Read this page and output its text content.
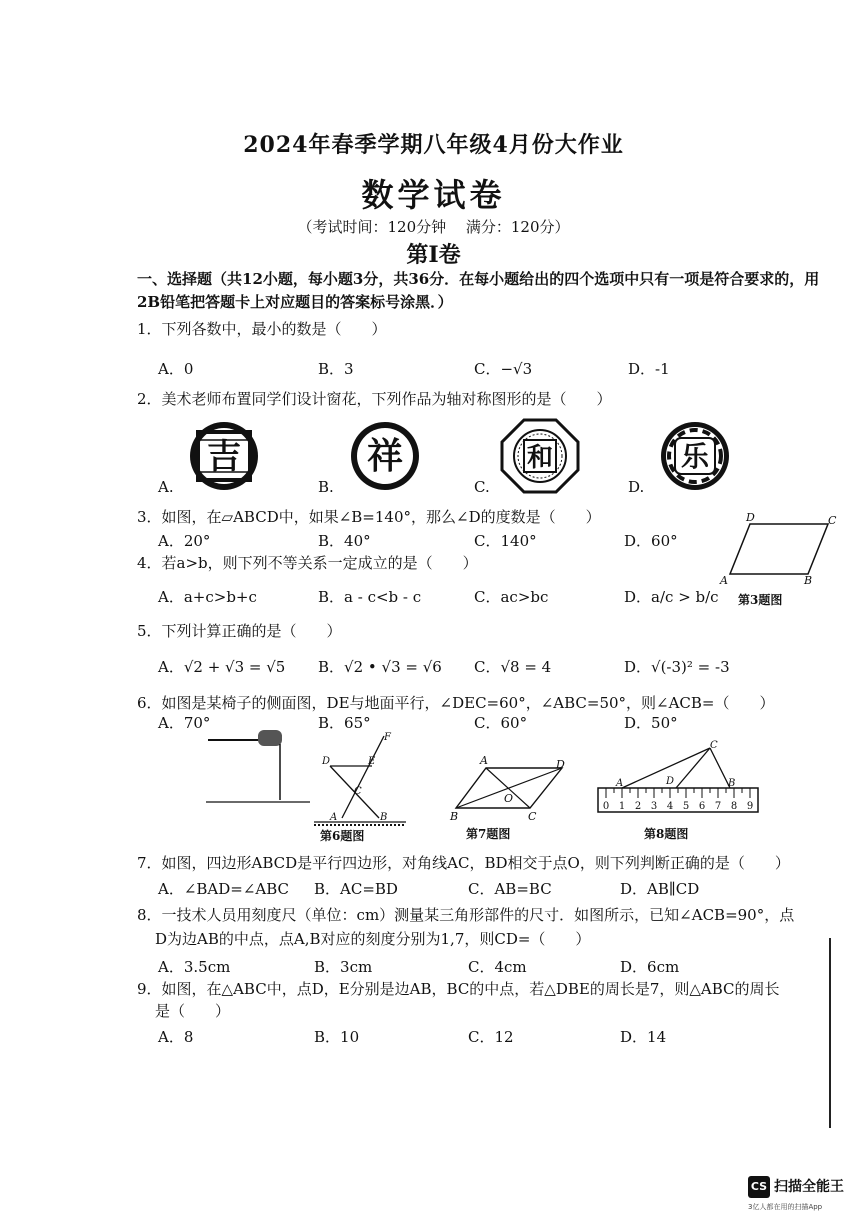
2024年春季学期八年级4月份大作业
数学试卷
（考试时间：120分钟　 满分：120分）
第Ⅰ卷
一、选择题（共12小题，每小题3分，共36分．在每小题给出的四个选项中只有一项是符合要求的，用2B铅笔把答题卡上对应题目的答案标号涂黑．）
1．下列各数中，最小的数是（　　）
A．0	B．3	C．−√3	D．-1
2．美术老师布置同学们设计窗花，下列作品为轴对称图形的是（　　）
吉	祥	和	乐
A.	B.	C.	D.
3．如图，在▱ABCD中，如果∠B=140°，那么∠D的度数是（　　）
A．20°	B．40°	C．140°	D．60°
D	C
A	B
第3题图
4．若a>b，则下列不等关系一定成立的是（　　）
A．a+c>b+c	B．a - c<b - c	C．ac>bc	D．a/c > b/c
5．下列计算正确的是（　　）
A．√2 + √3 = √5 B．√2 • √3 = √6 C．√8 = 4	D．√(-3)² = -3
6．如图是某椅子的侧面图，DE与地面平行，∠DEC=60°，∠ABC=50°，则∠ACB=（　　）
A．70°	B．65°	C．60°	D．50°
D	E
F
C
A	B
第6题图
A	D
O
B	C
第7题图
0 1 2 3 4 5 6 7 8 9
C
A	D	B
第8题图
7．如图，四边形ABCD是平行四边形，对角线AC，BD相交于点O，则下列判断正确的是（　　）
A．∠BAD=∠ABC B．AC=BD	C．AB=BC	D．AB∥CD
8．一技术人员用刻度尺（单位：cm）测量某三角形部件的尺寸．如图所示，已知∠ACB=90°，点
D为边AB的中点，点A,B对应的刻度分别为1,7，则CD=（　　）
A．3.5cm	B．3cm	C．4cm	D．6cm
9．如图，在△ABC中，点D，E分别是边AB，BC的中点，若△DBE的周长是7，则△ABC的周长
是（　　）
A．8	B．10	C．12	D．14
CS 扫描全能王
3亿人都在用的扫描App
